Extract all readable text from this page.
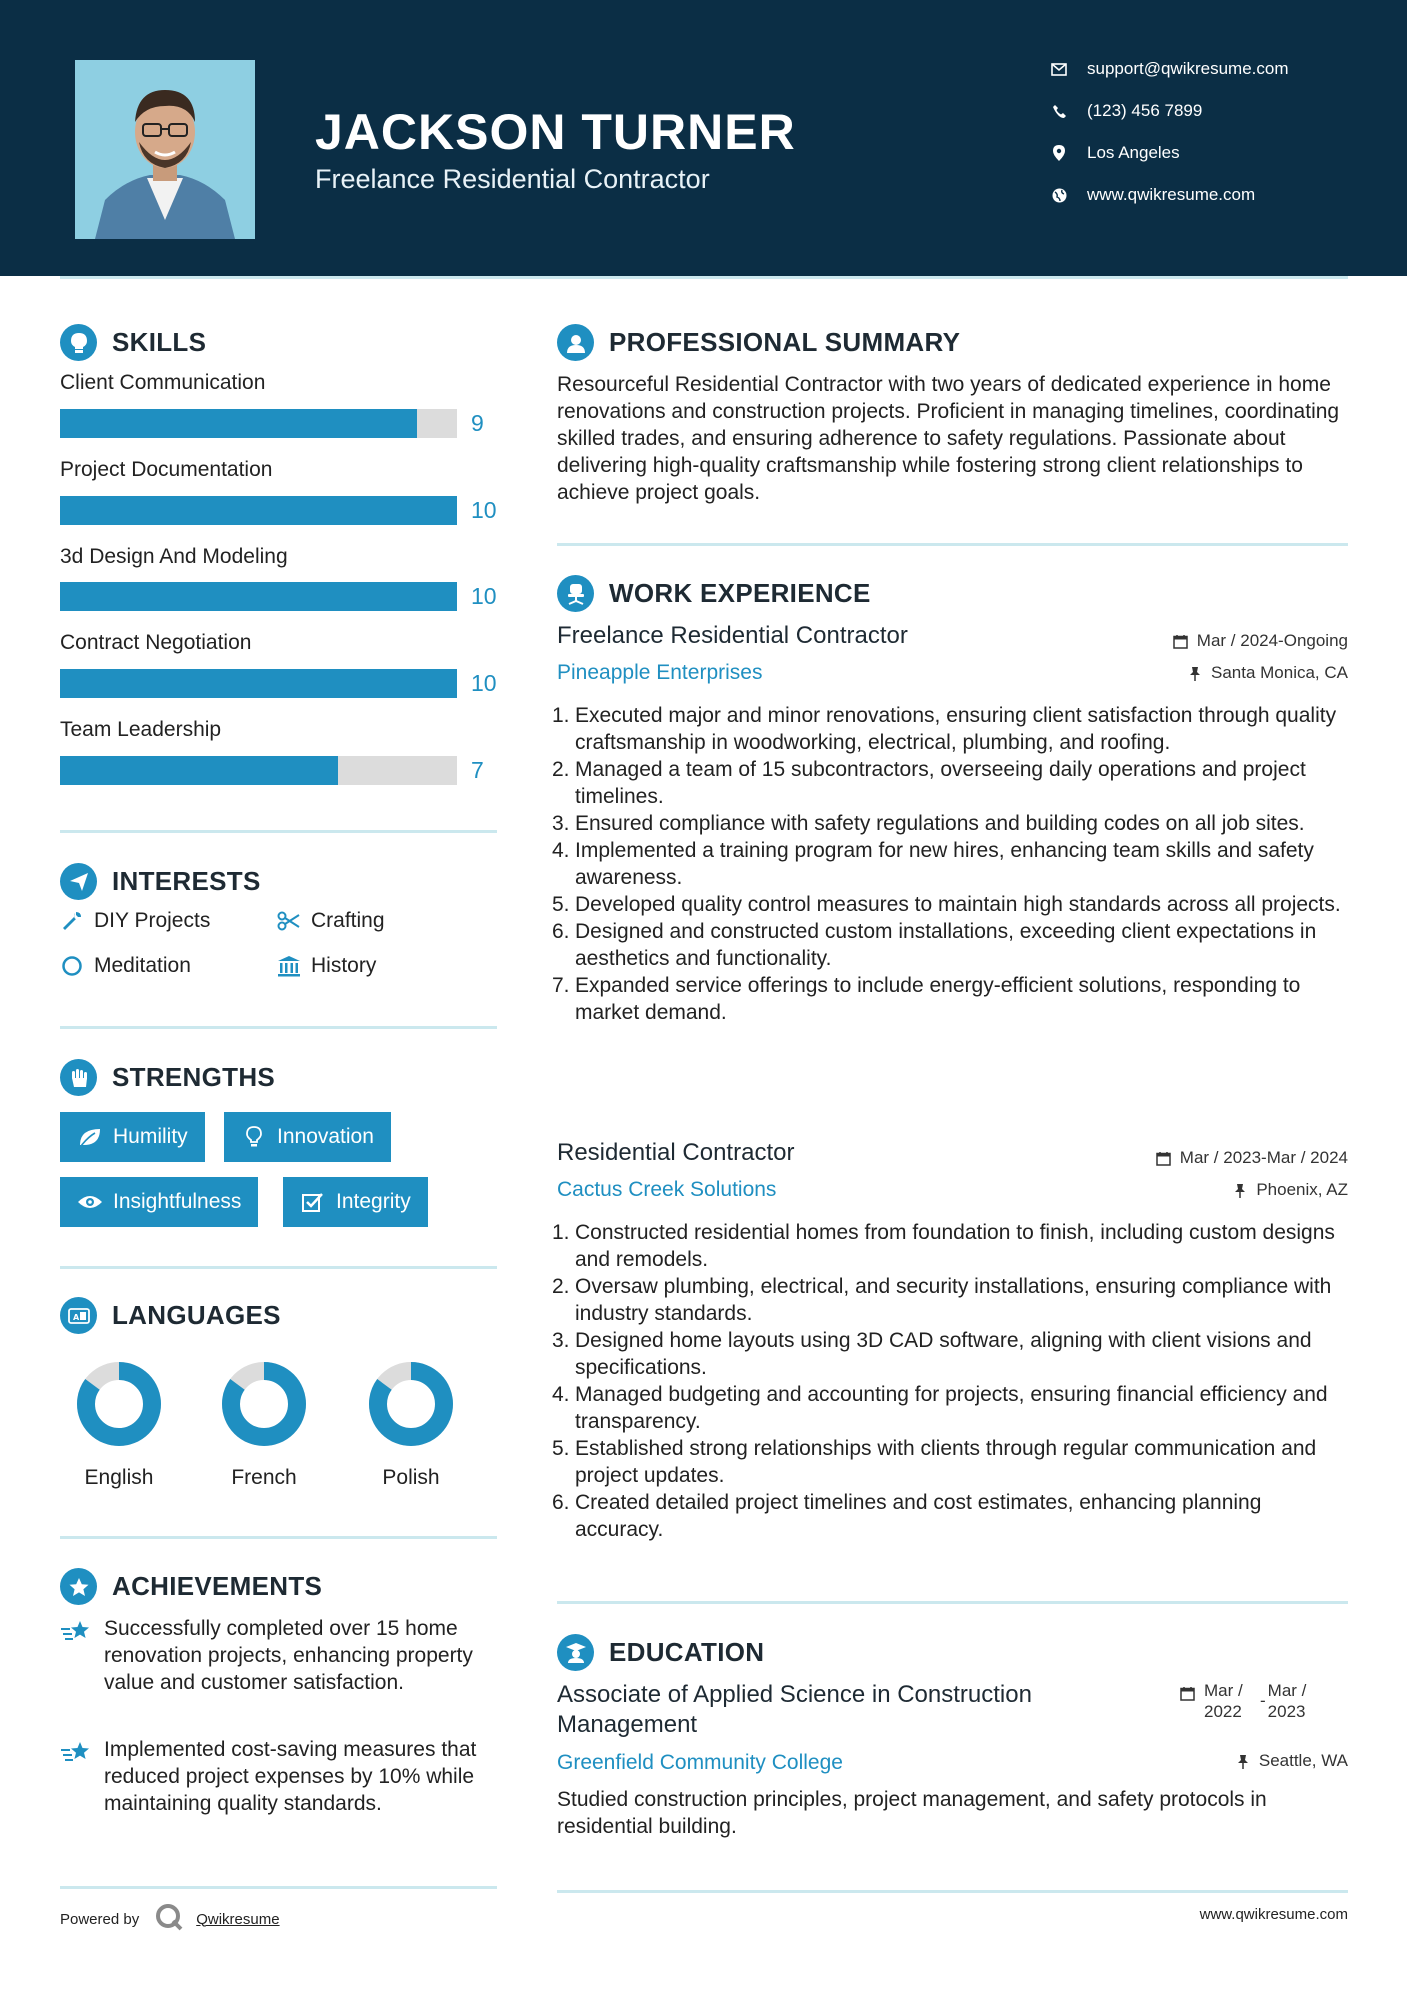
JACKSON TURNER
Freelance Residential Contractor
support@qwikresume.com
(123) 456 7899
Los Angeles
www.qwikresume.com
SKILLS
Client Communication
9
Project Documentation
10
3d Design And Modeling
10
Contract Negotiation
10
Team Leadership
7
INTERESTS
DIY Projects	Crafting
Meditation	History
STRENGTHS
Humility	Innovation
Insightfulness	Integrity
A LANGUAGES
English	French	Polish
ACHIEVEMENTS
Successfully completed over 15 home renovation projects, enhancing property value and customer satisfaction.
Implemented cost-saving measures that reduced project expenses by 10% while maintaining quality standards.
PROFESSIONAL SUMMARY
Resourceful Residential Contractor with two years of dedicated experience in home renovations and construction projects. Proficient in managing timelines, coordinating skilled trades, and ensuring adherence to safety regulations. Passionate about delivering high-quality craftsmanship while fostering strong client relationships to achieve project goals.
WORK EXPERIENCE
Freelance Residential Contractor	Mar / 2024-Ongoing
Pineapple Enterprises	Santa Monica, CA
1. Executed major and minor renovations, ensuring client satisfaction through quality craftsmanship in woodworking, electrical, plumbing, and roofing.
2. Managed a team of 15 subcontractors, overseeing daily operations and project timelines.
3. Ensured compliance with safety regulations and building codes on all job sites.
4. Implemented a training program for new hires, enhancing team skills and safety awareness.
5. Developed quality control measures to maintain high standards across all projects.
6. Designed and constructed custom installations, exceeding client expectations in aesthetics and functionality.
7. Expanded service offerings to include energy-efficient solutions, responding to market demand.
Residential Contractor	Mar / 2023-Mar / 2024
Cactus Creek Solutions	Phoenix, AZ
1. Constructed residential homes from foundation to finish, including custom designs and remodels.
2. Oversaw plumbing, electrical, and security installations, ensuring compliance with industry standards.
3. Designed home layouts using 3D CAD software, aligning with client visions and specifications.
4. Managed budgeting and accounting for projects, ensuring financial efficiency and transparency.
5. Established strong relationships with clients through regular communication and project updates.
6. Created detailed project timelines and cost estimates, enhancing planning accuracy.
EDUCATION
Associate of Applied Science in Construction Management
Mar / 2022
-
Mar / 2023
Greenfield Community College	Seattle, WA
Studied construction principles, project management, and safety protocols in residential building.
Powered by	Qwikresume	www.qwikresume.com
